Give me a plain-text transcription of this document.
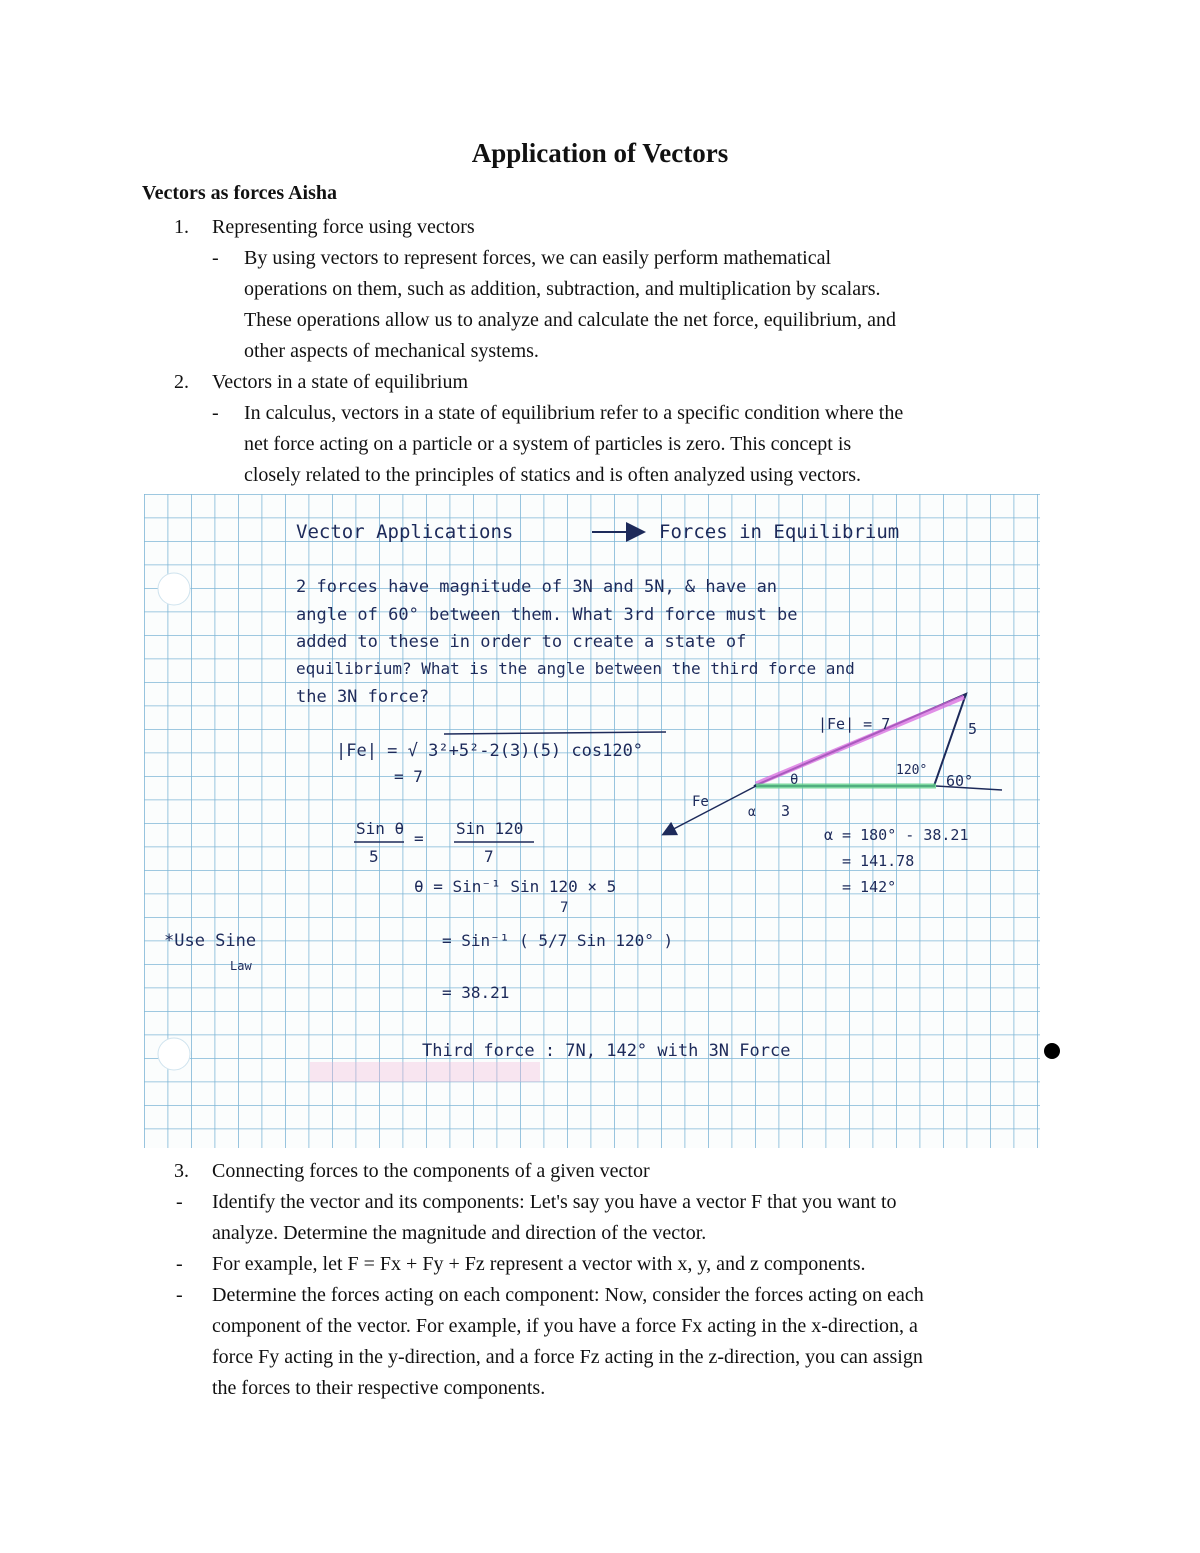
Application of Vectors
Vectors as forces Aisha
1. Representing force using vectors
- By using vectors to represent forces, we can easily perform mathematical
operations on them, such as addition, subtraction, and multiplication by scalars.
These operations allow us to analyze and calculate the net force, equilibrium, and
other aspects of mechanical systems.
2. Vectors in a state of equilibrium
- In calculus, vectors in a state of equilibrium refer to a specific condition where the
net force acting on a particle or a system of particles is zero. This concept is
closely related to the principles of statics and is often analyzed using vectors.
Vector Applications	Forces in Equilibrium
2 forces have magnitude of 3N and 5N, & have an
angle of 60° between them. What 3rd force must be
added to these in order to create a state of
equilibrium? What is the angle between the third force and
the 3N force?
|Fe| = √ 3²+5²-2(3)(5) cos120°
= 7
|Fe| = 7	5
3
120°
60°
θ
α
Fe
Sin θ
5
=
Sin 120
7
θ = Sin⁻¹ Sin 120 × 5
7
= Sin⁻¹ ( 5/7 Sin 120° )
= 38.21
*Use Sine
Law
α = 180° - 38.21
= 141.78
= 142°
Third force : 7N, 142° with 3N Force
3. Connecting forces to the components of a given vector
- Identify the vector and its components: Let's say you have a vector F that you want to
analyze. Determine the magnitude and direction of the vector.
- For example, let F = Fx + Fy + Fz represent a vector with x, y, and z components.
- Determine the forces acting on each component: Now, consider the forces acting on each
component of the vector. For example, if you have a force Fx acting in the x-direction, a
force Fy acting in the y-direction, and a force Fz acting in the z-direction, you can assign
the forces to their respective components.
